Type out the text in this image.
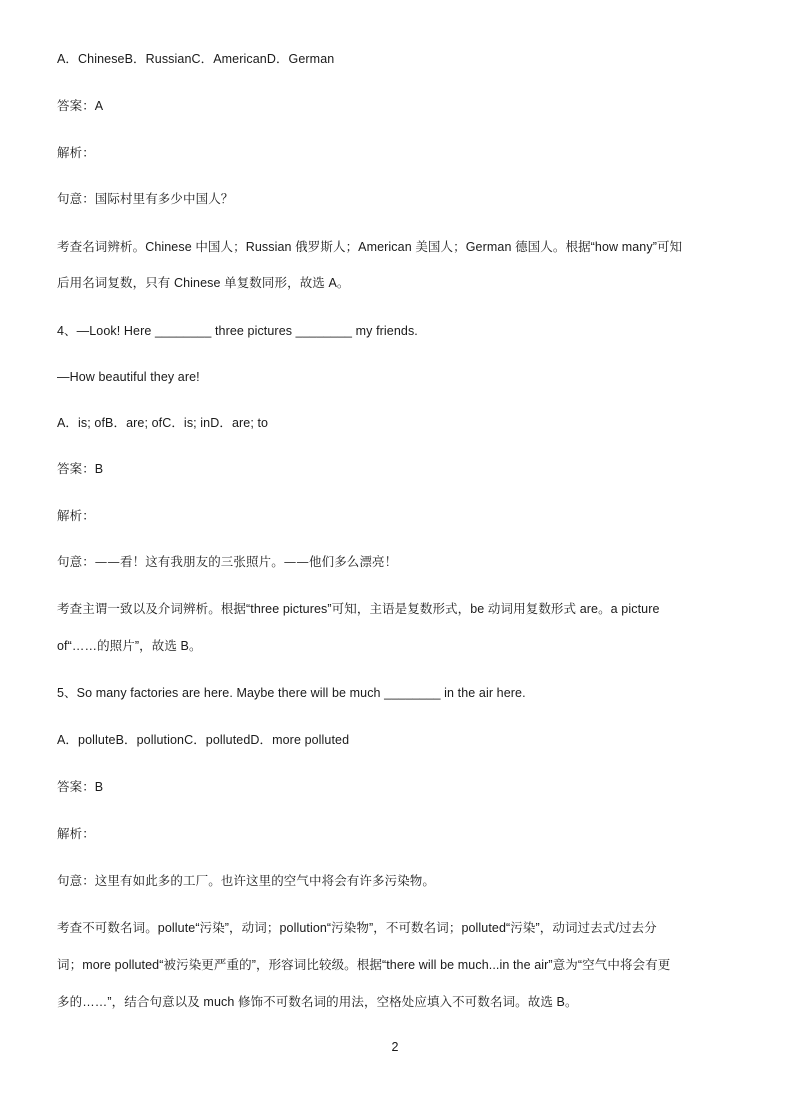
A．ChineseB．RussianC．AmericanD．German
答案：A
解析：
句意：国际村里有多少中国人？
考查名词辨析。Chinese 中国人；Russian 俄罗斯人；American 美国人；German 德国人。根据“how many”可知
后用名词复数，只有 Chinese 单复数同形，故选 A。
4、—Look! Here ________ three pictures ________ my friends.
—How beautiful they are!
A．is; ofB．are; ofC．is; inD．are; to
答案：B
解析：
句意：——看！这有我朋友的三张照片。——他们多么漂亮！
考查主谓一致以及介词辨析。根据“three pictures”可知，主语是复数形式，be 动词用复数形式 are。a picture
of“……的照片”，故选 B。
5、So many factories are here. Maybe there will be much ________ in the air here.
A．polluteB．pollutionC．pollutedD．more polluted
答案：B
解析：
句意：这里有如此多的工厂。也许这里的空气中将会有许多污染物。
考查不可数名词。pollute“污染”，动词；pollution“污染物”，不可数名词；polluted“污染”，动词过去式/过去分
词；more polluted“被污染更严重的”，形容词比较级。根据“there will be much...in the air”意为“空气中将会有更
多的……”，结合句意以及 much 修饰不可数名词的用法，空格处应填入不可数名词。故选 B。
2
